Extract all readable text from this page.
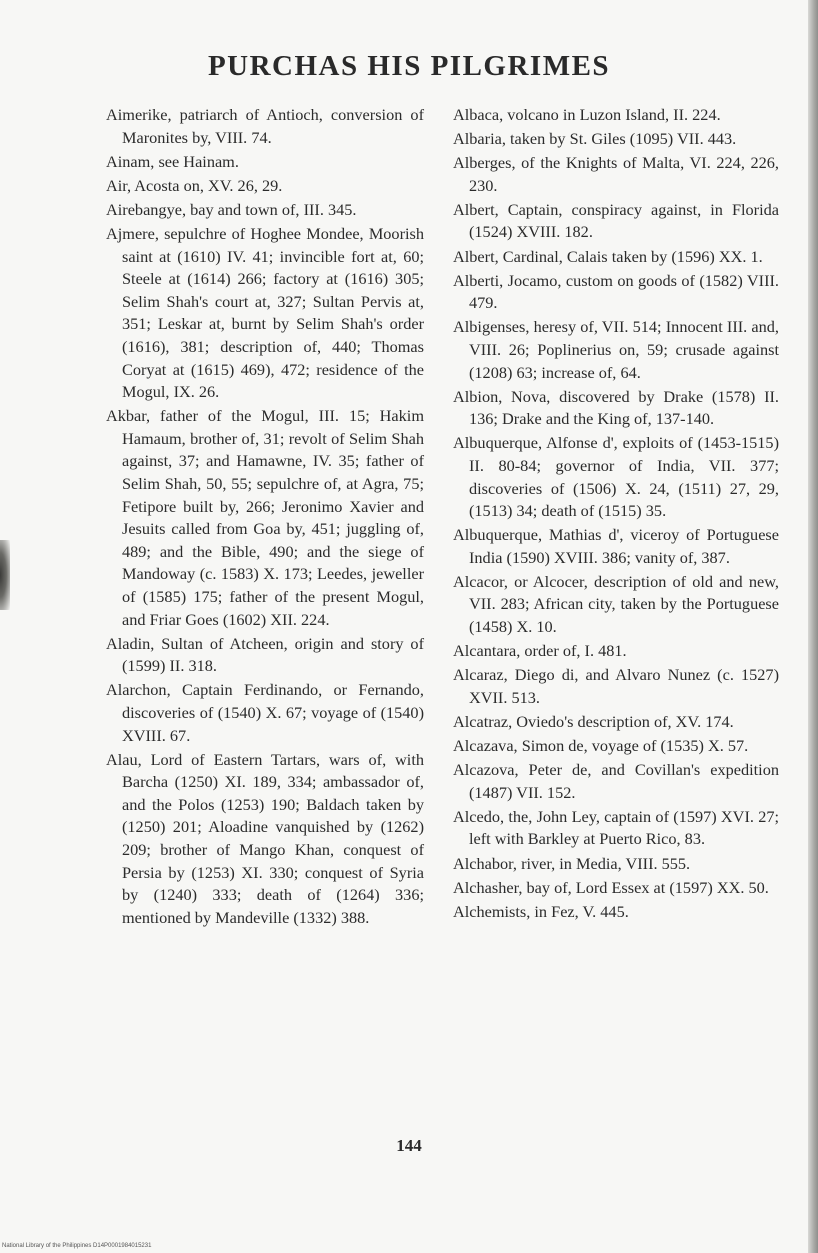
PURCHAS HIS PILGRIMES

Aimerike, patriarch of Antioch, conversion of Maronites by, VIII. 74.

Ainam, see Hainam.

Air, Acosta on, XV. 26, 29.

Airebangye, bay and town of, III. 345.

Ajmere, sepulchre of Hoghee Mondee, Moorish saint at (1610) IV. 41; invincible fort at, 60; Steele at (1614) 266; factory at (1616) 305; Selim Shah's court at, 327; Sultan Pervis at, 351; Leskar at, burnt by Selim Shah's order (1616), 381; description of, 440; Thomas Coryat at (1615) 469), 472; residence of the Mogul, IX. 26.

Akbar, father of the Mogul, III. 15; Hakim Hamaum, brother of, 31; revolt of Selim Shah against, 37; and Hamawne, IV. 35; father of Selim Shah, 50, 55; sepulchre of, at Agra, 75; Fetipore built by, 266; Jeronimo Xavier and Jesuits called from Goa by, 451; juggling of, 489; and the Bible, 490; and the siege of Mandoway (c. 1583) X. 173; Leedes, jeweller of (1585) 175; father of the present Mogul, and Friar Goes (1602) XII. 224.

Aladin, Sultan of Atcheen, origin and story of (1599) II. 318.

Alarchon, Captain Ferdinando, or Fernando, discoveries of (1540) X. 67; voyage of (1540) XVIII. 67.

Alau, Lord of Eastern Tartars, wars of, with Barcha (1250) XI. 189, 334; ambassador of, and the Polos (1253) 190; Baldach taken by (1250) 201; Aloadine vanquished by (1262) 209; brother of Mango Khan, conquest of Persia by (1253) XI. 330; conquest of Syria by (1240) 333; death of (1264) 336; mentioned by Mandeville (1332) 388.

Albaca, volcano in Luzon Island, II. 224.

Albaria, taken by St. Giles (1095) VII. 443.

Alberges, of the Knights of Malta, VI. 224, 226, 230.

Albert, Captain, conspiracy against, in Florida (1524) XVIII. 182.

Albert, Cardinal, Calais taken by (1596) XX. 1.

Alberti, Jocamo, custom on goods of (1582) VIII. 479.

Albigenses, heresy of, VII. 514; Innocent III. and, VIII. 26; Poplinerius on, 59; crusade against (1208) 63; increase of, 64.

Albion, Nova, discovered by Drake (1578) II. 136; Drake and the King of, 137-140.

Albuquerque, Alfonse d', exploits of (1453-1515) II. 80-84; governor of India, VII. 377; discoveries of (1506) X. 24, (1511) 27, 29, (1513) 34; death of (1515) 35.

Albuquerque, Mathias d', viceroy of Portuguese India (1590) XVIII. 386; vanity of, 387.

Alcacor, or Alcocer, description of old and new, VII. 283; African city, taken by the Portuguese (1458) X. 10.

Alcantara, order of, I. 481.

Alcaraz, Diego di, and Alvaro Nunez (c. 1527) XVII. 513.

Alcatraz, Oviedo's description of, XV. 174.

Alcazava, Simon de, voyage of (1535) X. 57.

Alcazova, Peter de, and Covillan's expedition (1487) VII. 152.

Alcedo, the, John Ley, captain of (1597) XVI. 27; left with Barkley at Puerto Rico, 83.

Alchabor, river, in Media, VIII. 555.

Alchasher, bay of, Lord Essex at (1597) XX. 50.

Alchemists, in Fez, V. 445.

144
National Library of the Philippines D14P0001984015231
